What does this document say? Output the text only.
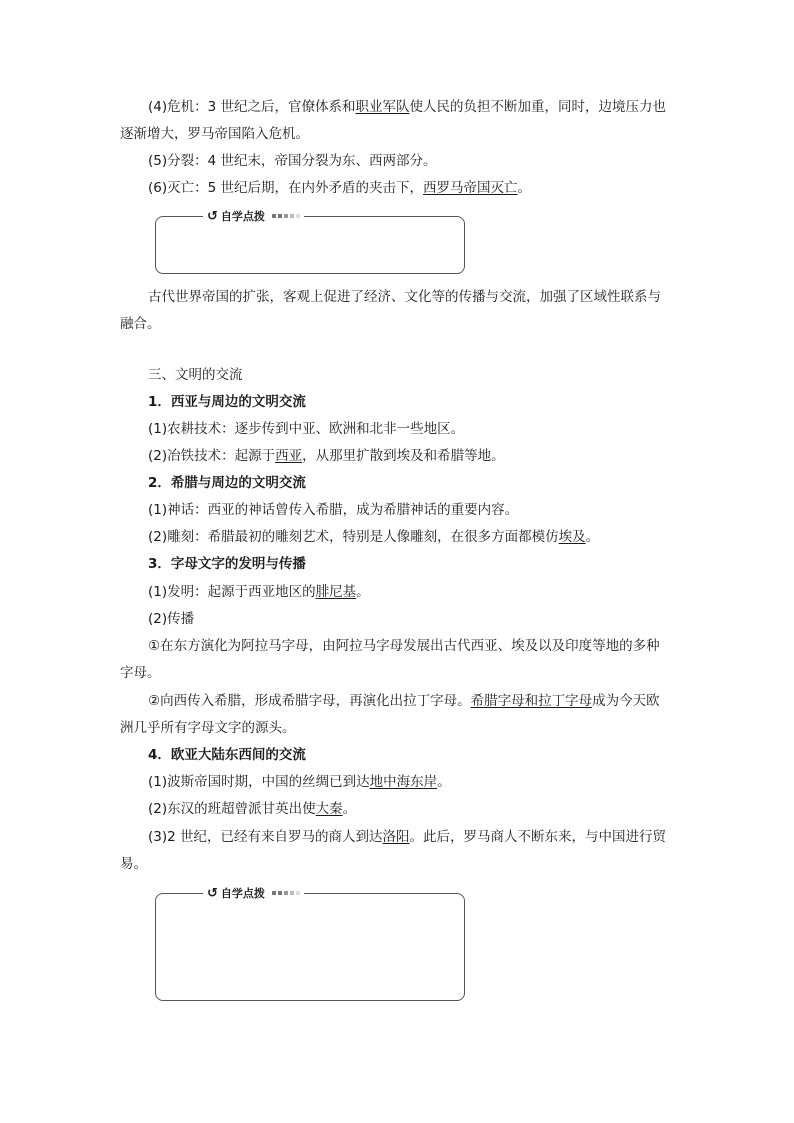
(4)危机：3 世纪之后，官僚体系和职业军队使人民的负担不断加重，同时，边境压力也
逐渐增大，罗马帝国陷入危机。
(5)分裂：4 世纪末，帝国分裂为东、西两部分。
(6)灭亡：5 世纪后期，在内外矛盾的夹击下，西罗马帝国灭亡。
↺ 自学点拨
古代世界帝国的扩张，客观上促进了经济、文化等的传播与交流，加强了区域性联系与
融合。
三、文明的交流
1．西亚与周边的文明交流
(1)农耕技术：逐步传到中亚、欧洲和北非一些地区。
(2)冶铁技术：起源于西亚，从那里扩散到埃及和希腊等地。
2．希腊与周边的文明交流
(1)神话：西亚的神话曾传入希腊，成为希腊神话的重要内容。
(2)雕刻：希腊最初的雕刻艺术，特别是人像雕刻，在很多方面都模仿埃及。
3．字母文字的发明与传播
(1)发明：起源于西亚地区的腓尼基。
(2)传播
①在东方演化为阿拉马字母，由阿拉马字母发展出古代西亚、埃及以及印度等地的多种
字母。
②向西传入希腊，形成希腊字母，再演化出拉丁字母。希腊字母和拉丁字母成为今天欧
洲几乎所有字母文字的源头。
4．欧亚大陆东西间的交流
(1)波斯帝国时期，中国的丝绸已到达地中海东岸。
(2)东汉的班超曾派甘英出使大秦。
(3)2 世纪，已经有来自罗马的商人到达洛阳。此后，罗马商人不断东来，与中国进行贸
易。
↺ 自学点拨
